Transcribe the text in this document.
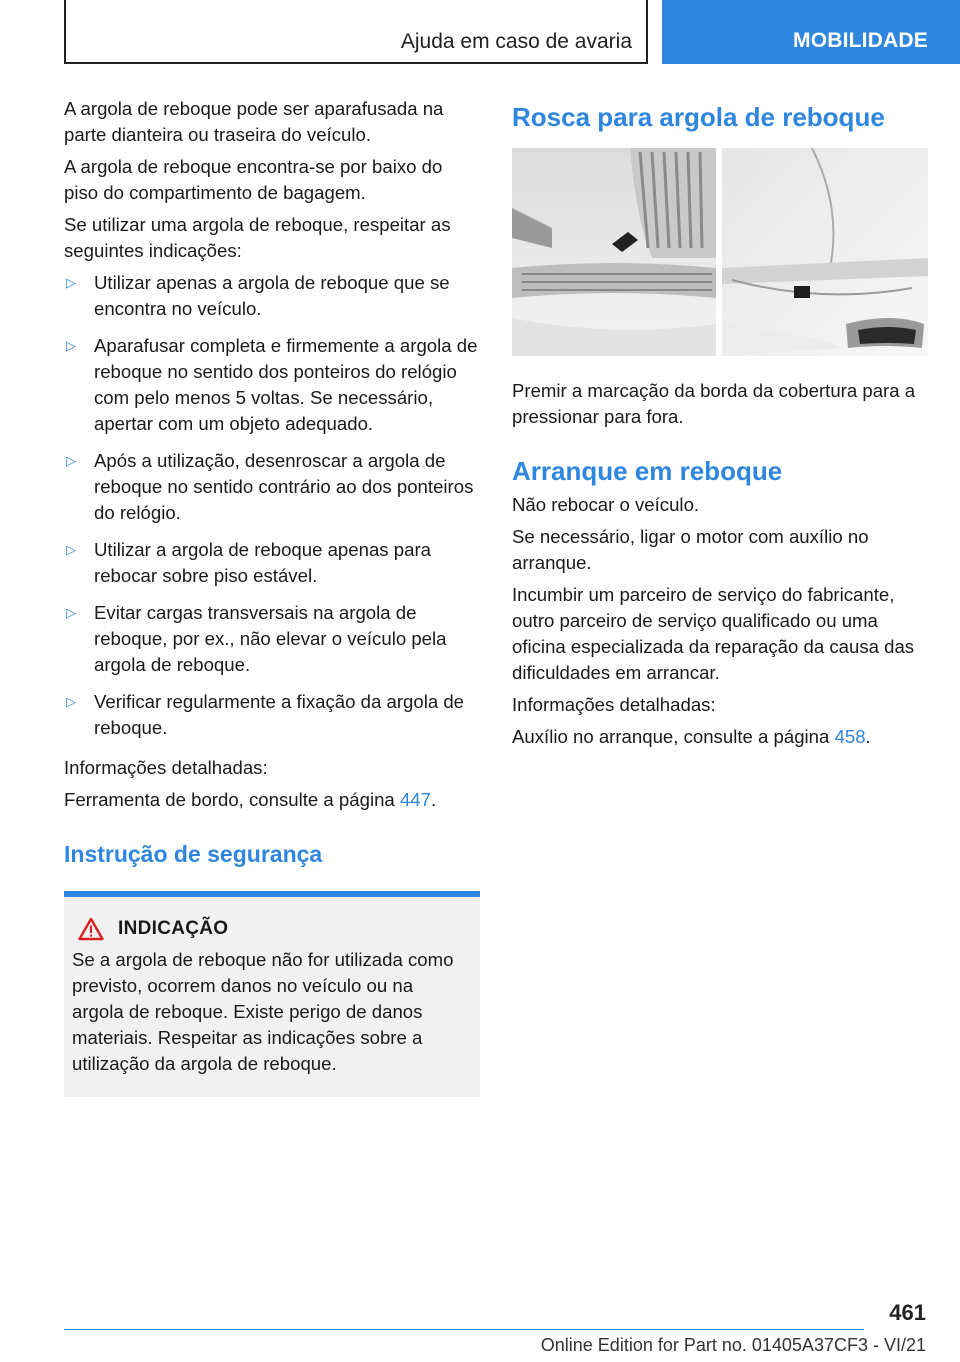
Ajuda em caso de avaria	MOBILIDADE

A argola de reboque pode ser aparafusada na parte dianteira ou traseira do veículo.

A argola de reboque encontra-se por baixo do piso do compartimento de bagagem.

Se utilizar uma argola de reboque, respeitar as seguintes indicações:

▷ Utilizar apenas a argola de reboque que se encontra no veículo.
▷ Aparafusar completa e firmemente a argola de reboque no sentido dos ponteiros do relógio com pelo menos 5 voltas. Se necessário, apertar com um objeto adequado.
▷ Após a utilização, desenroscar a argola de reboque no sentido contrário ao dos ponteiros do relógio.
▷ Utilizar a argola de reboque apenas para rebocar sobre piso estável.
▷ Evitar cargas transversais na argola de reboque, por ex., não elevar o veículo pela argola de reboque.
▷ Verificar regularmente a fixação da argola de reboque.

Informações detalhadas:

Ferramenta de bordo, consulte a página 447.

Instrução de segurança
INDICAÇÃO

Se a argola de reboque não for utilizada como previsto, ocorrem danos no veículo ou na argola de reboque. Existe perigo de danos materiais. Respeitar as indicações sobre a utilização da argola de reboque.

Rosca para argola de reboque

Premir a marcação da borda da cobertura para a pressionar para fora.

Arranque em reboque

Não rebocar o veículo.

Se necessário, ligar o motor com auxílio no arranque.

Incumbir um parceiro de serviço do fabricante, outro parceiro de serviço qualificado ou uma oficina especializada da reparação da causa das dificuldades em arrancar.

Informações detalhadas:

Auxílio no arranque, consulte a página 458.

461
Online Edition for Part no. 01405A37CF3 - VI/21
